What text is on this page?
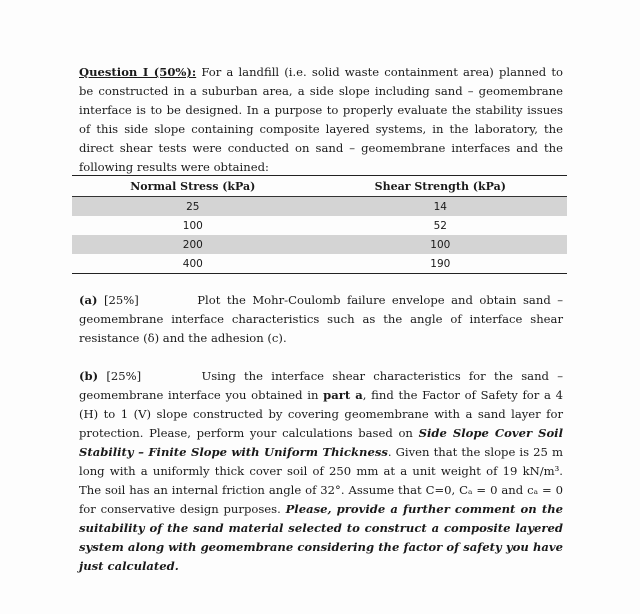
Question I (50%): For a landfill (i.e. solid waste containment area) planned to be constructed in a suburban area, a side slope including sand – geomembrane interface is to be designed. In a purpose to properly evaluate the stability issues of this side slope containing composite layered systems, in the laboratory, the direct shear tests were conducted on sand – geomembrane interfaces and the following results were obtained:
Normal Stress (kPa)	Shear Strength (kPa)
25	14
100	52
200	100
400	190
(a) [25%]	Plot the Mohr-Coulomb failure envelope and obtain sand – geomembrane interface characteristics such as the angle of interface shear resistance (δ) and the adhesion (c).
(b) [25%]	Using the interface shear characteristics for the sand – geomembrane interface you obtained in part a, find the Factor of Safety for a 4 (H) to 1 (V) slope constructed by covering geomembrane with a sand layer for protection. Please, perform your calculations based on Side Slope Cover Soil Stability – Finite Slope with Uniform Thickness. Given that the slope is 25 m long with a uniformly thick cover soil of 250 mm at a unit weight of 19 kN/m³. The soil has an internal friction angle of 32°. Assume that C=0, Cₐ = 0 and cₐ = 0 for conservative design purposes. Please, provide a further comment on the suitability of the sand material selected to construct a composite layered system along with geomembrane considering the factor of safety you have just calculated.
